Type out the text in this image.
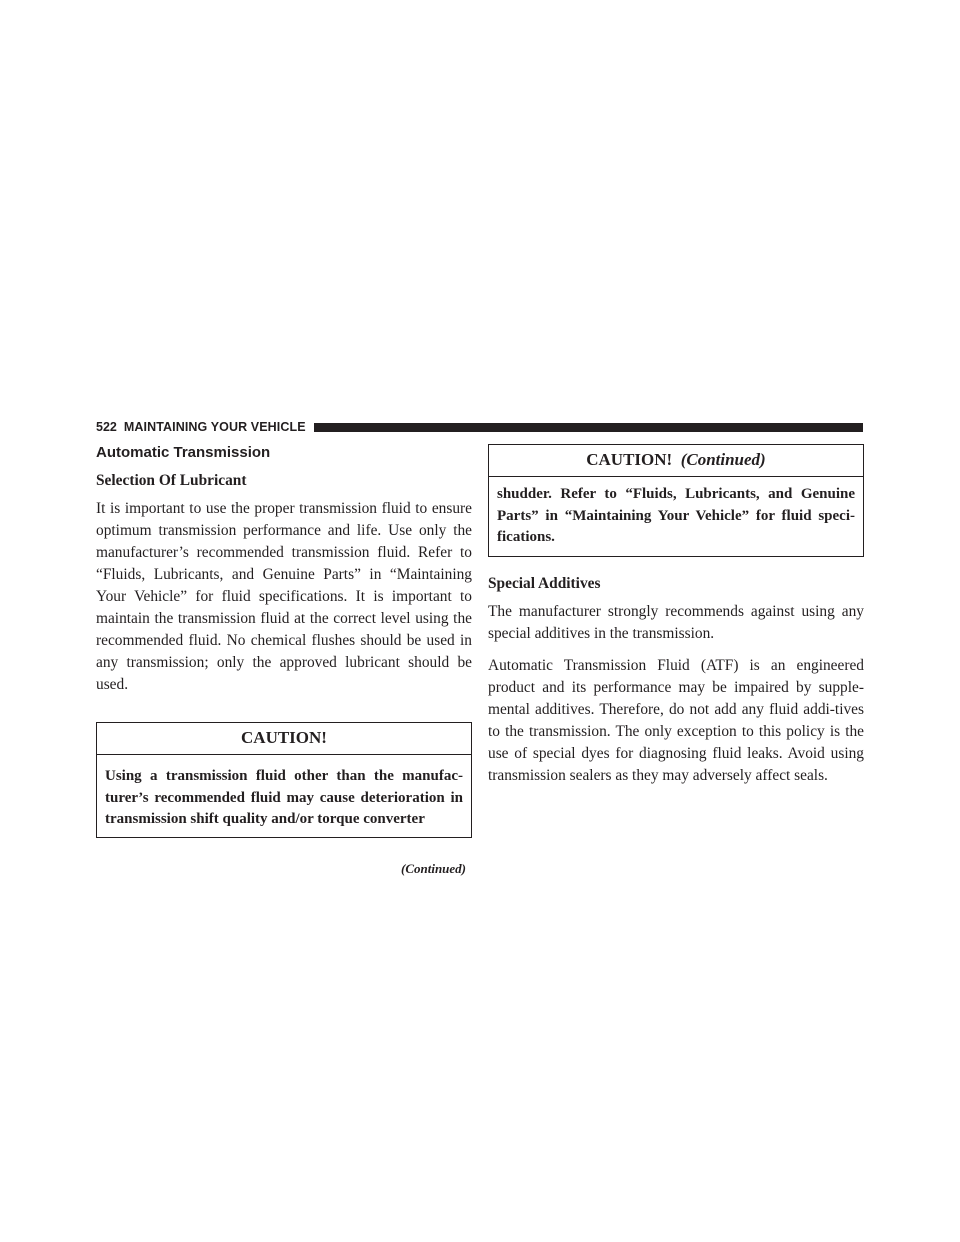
522 MAINTAINING YOUR VEHICLE
Automatic Transmission
Selection Of Lubricant

It is important to use the proper transmission fluid to ensure optimum transmission performance and life. Use only the manufacturer’s recommended transmission fluid. Refer to “Fluids, Lubricants, and Genuine Parts” in “Maintaining Your Vehicle” for fluid specifications. It is important to maintain the transmission fluid at the correct level using the recommended fluid. No chemical flushes should be used in any transmission; only the approved lubricant should be used.

CAUTION!
Using a transmission fluid other than the manufac-turer’s recommended fluid may cause deterioration in transmission shift quality and/or torque converter
(Continued)
CAUTION! (Continued)
shudder. Refer to “Fluids, Lubricants, and Genuine Parts” in “Maintaining Your Vehicle” for fluid speci-fications.
Special Additives

The manufacturer strongly recommends against using any special additives in the transmission.

Automatic Transmission Fluid (ATF) is an engineered product and its performance may be impaired by supple-mental additives. Therefore, do not add any fluid addi-tives to the transmission. The only exception to this policy is the use of special dyes for diagnosing fluid leaks. Avoid using transmission sealers as they may adversely affect seals.
